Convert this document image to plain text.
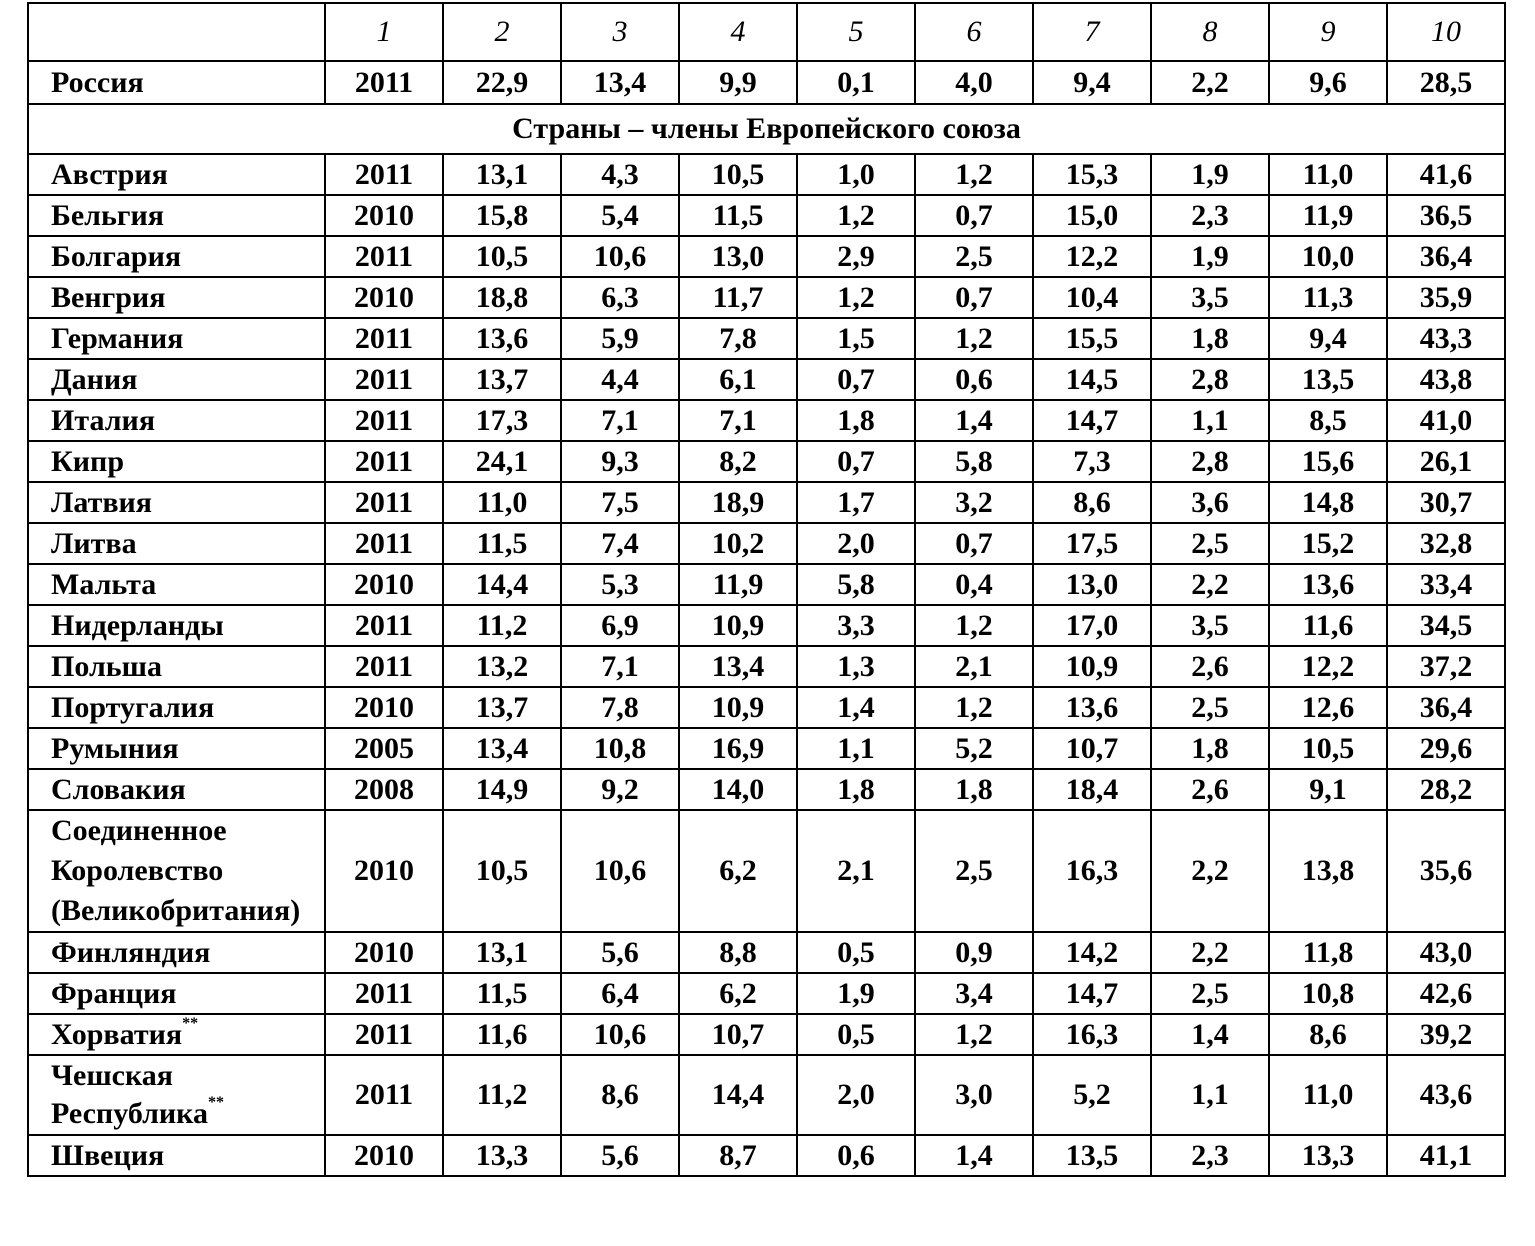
	1	2	3	4	5	6	7	8	9	10
Россия	2011	22,9	13,4	9,9	0,1	4,0	9,4	2,2	9,6	28,5
Страны – члены Европейского союза										
Австрия	2011	13,1	4,3	10,5	1,0	1,2	15,3	1,9	11,0	41,6
Бельгия	2010	15,8	5,4	11,5	1,2	0,7	15,0	2,3	11,9	36,5
Болгария	2011	10,5	10,6	13,0	2,9	2,5	12,2	1,9	10,0	36,4
Венгрия	2010	18,8	6,3	11,7	1,2	0,7	10,4	3,5	11,3	35,9
Германия	2011	13,6	5,9	7,8	1,5	1,2	15,5	1,8	9,4	43,3
Дания	2011	13,7	4,4	6,1	0,7	0,6	14,5	2,8	13,5	43,8
Италия	2011	17,3	7,1	7,1	1,8	1,4	14,7	1,1	8,5	41,0
Кипр	2011	24,1	9,3	8,2	0,7	5,8	7,3	2,8	15,6	26,1
Латвия	2011	11,0	7,5	18,9	1,7	3,2	8,6	3,6	14,8	30,7
Литва	2011	11,5	7,4	10,2	2,0	0,7	17,5	2,5	15,2	32,8
Мальта	2010	14,4	5,3	11,9	5,8	0,4	13,0	2,2	13,6	33,4
Нидерланды	2011	11,2	6,9	10,9	3,3	1,2	17,0	3,5	11,6	34,5
Польша	2011	13,2	7,1	13,4	1,3	2,1	10,9	2,6	12,2	37,2
Португалия	2010	13,7	7,8	10,9	1,4	1,2	13,6	2,5	12,6	36,4
Румыния	2005	13,4	10,8	16,9	1,1	5,2	10,7	1,8	10,5	29,6
Словакия	2008	14,9	9,2	14,0	1,8	1,8	18,4	2,6	9,1	28,2
Соединенное Королевство (Великобритания)	2010	10,5	10,6	6,2	2,1	2,5	16,3	2,2	13,8	35,6
Финляндия	2010	13,1	5,6	8,8	0,5	0,9	14,2	2,2	11,8	43,0
Франция	2011	11,5	6,4	6,2	1,9	3,4	14,7	2,5	10,8	42,6
Хорватия**	2011	11,6	10,6	10,7	0,5	1,2	16,3	1,4	8,6	39,2
Чешская Республика**	2011	11,2	8,6	14,4	2,0	3,0	5,2	1,1	11,0	43,6
Швеция	2010	13,3	5,6	8,7	0,6	1,4	13,5	2,3	13,3	41,1
